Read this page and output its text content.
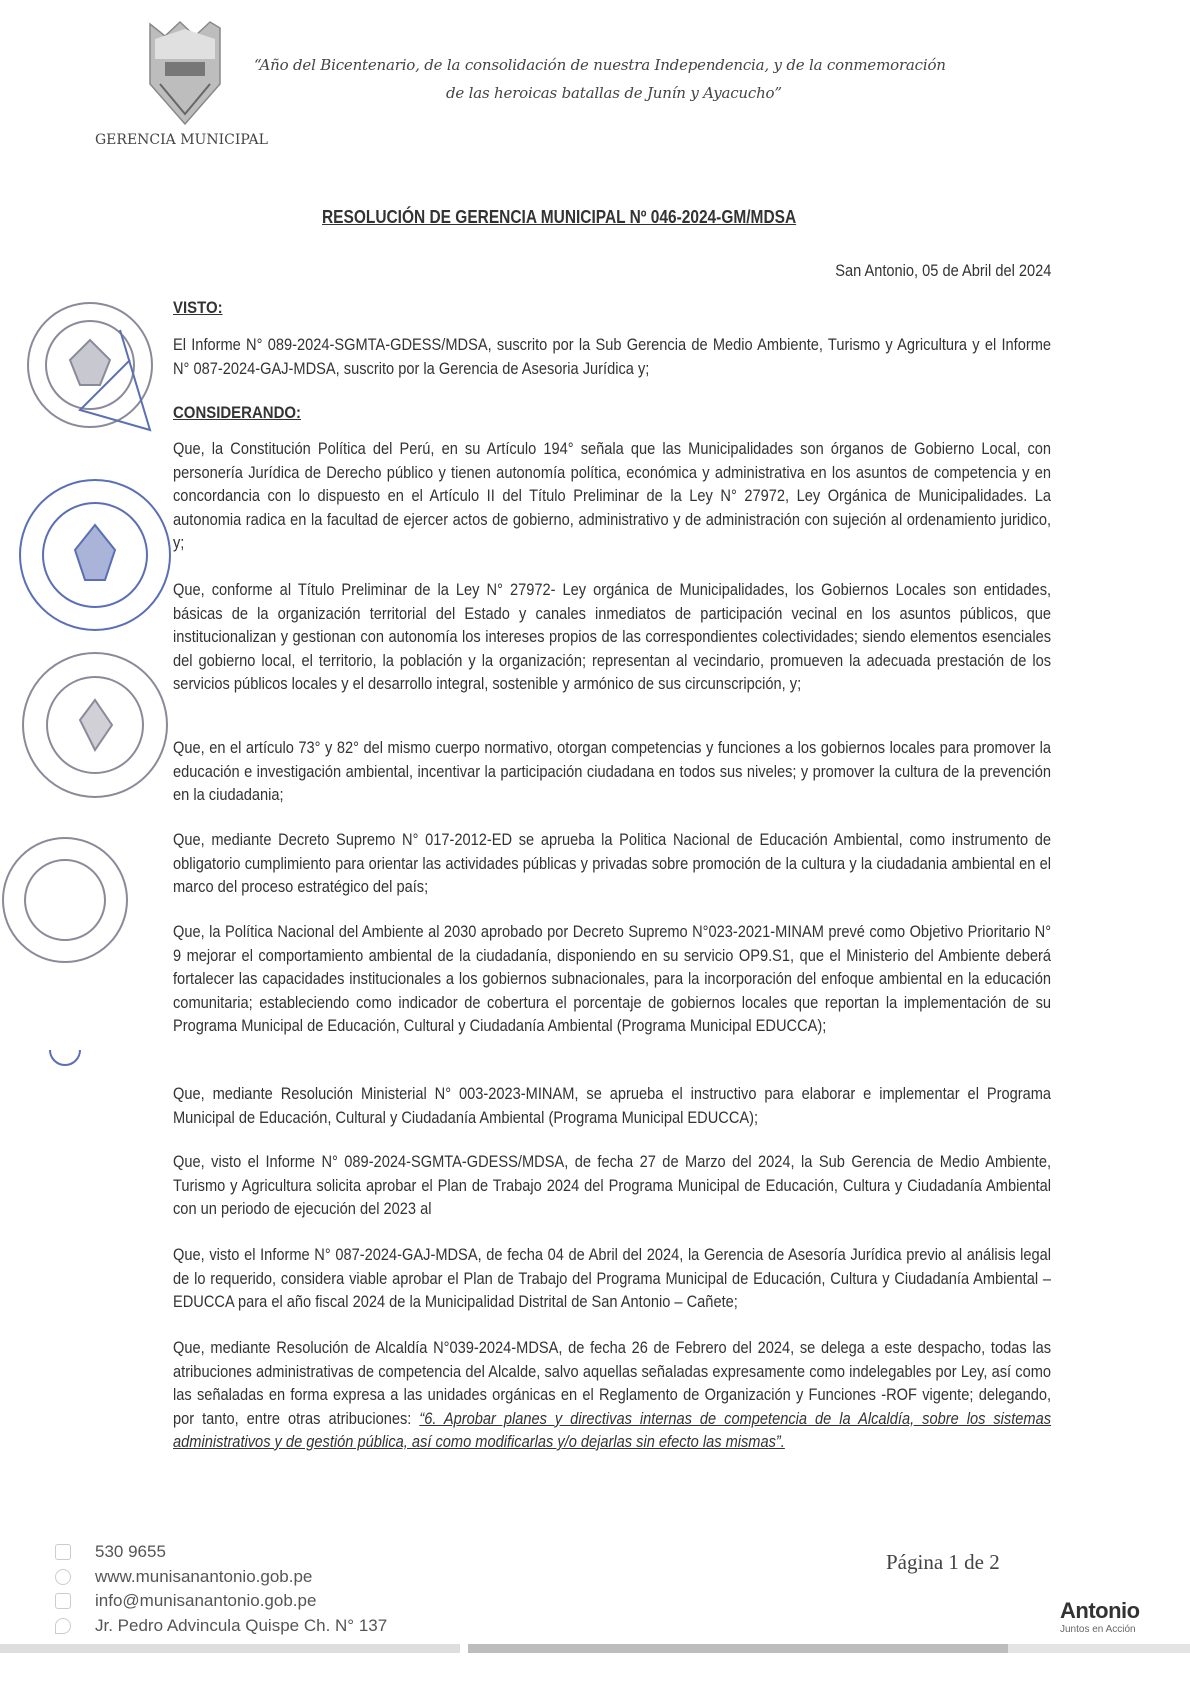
“Año del Bicentenario, de la consolidación de nuestra Independencia, y de la conmemoración
de las heroicas batallas de Junín y Ayacucho”
GERENCIA MUNICIPAL
RESOLUCIÓN DE GERENCIA MUNICIPAL Nº 046-2024-GM/MDSA
San Antonio, 05 de Abril del 2024
VISTO:
El Informe N° 089-2024-SGMTA-GDESS/MDSA, suscrito por la Sub Gerencia de Medio Ambiente, Turismo y Agricultura y el Informe N° 087-2024-GAJ-MDSA, suscrito por la Gerencia de Asesoria Jurídica y;
CONSIDERANDO:
Que, la Constitución Política del Perú, en su Artículo 194° señala que las Municipalidades son órganos de Gobierno Local, con personería Jurídica de Derecho público y tienen autonomía política, económica y administrativa en los asuntos de competencia y en concordancia con lo dispuesto en el Artículo II del Título Preliminar de la Ley N° 27972, Ley Orgánica de Municipalidades. La autonomia radica en la facultad de ejercer actos de gobierno, administrativo y de administración con sujeción al ordenamiento juridico, y;
Que, conforme al Título Preliminar de la Ley N° 27972- Ley orgánica de Municipalidades, los Gobiernos Locales son entidades, básicas de la organización territorial del Estado y canales inmediatos de participación vecinal en los asuntos públicos, que institucionalizan y gestionan con autonomía los intereses propios de las correspondientes colectividades; siendo elementos esenciales del gobierno local, el territorio, la población y la organización; representan al vecindario, promueven la adecuada prestación de los servicios públicos locales y el desarrollo integral, sostenible y armónico de sus circunscripción, y;
Que, en el artículo 73° y 82° del mismo cuerpo normativo, otorgan competencias y funciones a los gobiernos locales para promover la educación e investigación ambiental, incentivar la participación ciudadana en todos sus niveles; y promover la cultura de la prevención en la ciudadania;
Que, mediante Decreto Supremo N° 017-2012-ED se aprueba la Politica Nacional de Educación Ambiental, como instrumento de obligatorio cumplimiento para orientar las actividades públicas y privadas sobre promoción de la cultura y la ciudadania ambiental en el marco del proceso estratégico del país;
Que, la Política Nacional del Ambiente al 2030 aprobado por Decreto Supremo N°023-2021-MINAM prevé como Objetivo Prioritario N° 9 mejorar el comportamiento ambiental de la ciudadanía, disponiendo en su servicio OP9.S1, que el Ministerio del Ambiente deberá fortalecer las capacidades institucionales a los gobiernos subnacionales, para la incorporación del enfoque ambiental en la educación comunitaria; estableciendo como indicador de cobertura el porcentaje de gobiernos locales que reportan la implementación de su Programa Municipal de Educación, Cultural y Ciudadanía Ambiental (Programa Municipal EDUCCA);
Que, mediante Resolución Ministerial N° 003-2023-MINAM, se aprueba el instructivo para elaborar e implementar el Programa Municipal de Educación, Cultural y Ciudadanía Ambiental (Programa Municipal EDUCCA);
Que, visto el Informe N° 089-2024-SGMTA-GDESS/MDSA, de fecha 27 de Marzo del 2024, la Sub Gerencia de Medio Ambiente, Turismo y Agricultura solicita aprobar el Plan de Trabajo 2024 del Programa Municipal de Educación, Cultura y Ciudadanía Ambiental con un periodo de ejecución del 2023 al
Que, visto el Informe N° 087-2024-GAJ-MDSA, de fecha 04 de Abril del 2024, la Gerencia de Asesoría Jurídica previo al análisis legal de lo requerido, considera viable aprobar el Plan de Trabajo del Programa Municipal de Educación, Cultura y Ciudadanía Ambiental – EDUCCA para el año fiscal 2024 de la Municipalidad Distrital de San Antonio – Cañete;
Que, mediante Resolución de Alcaldía N°039-2024-MDSA, de fecha 26 de Febrero del 2024, se delega a este despacho, todas las atribuciones administrativas de competencia del Alcalde, salvo aquellas señaladas expresamente como indelegables por Ley, así como las señaladas en forma expresa a las unidades orgánicas en el Reglamento de Organización y Funciones -ROF vigente; delegando, por tanto, entre otras atribuciones: “6. Aprobar planes y directivas internas de competencia de la Alcaldía, sobre los sistemas administrativos y de gestión pública, así como modificarlas y/o dejarlas sin efecto las mismas”.
530 9655
www.munisanantonio.gob.pe
info@munisanantonio.gob.pe
Jr. Pedro Advincula Quispe Ch. N° 137
Página 1 de 2
Antonio
Juntos en Acción
